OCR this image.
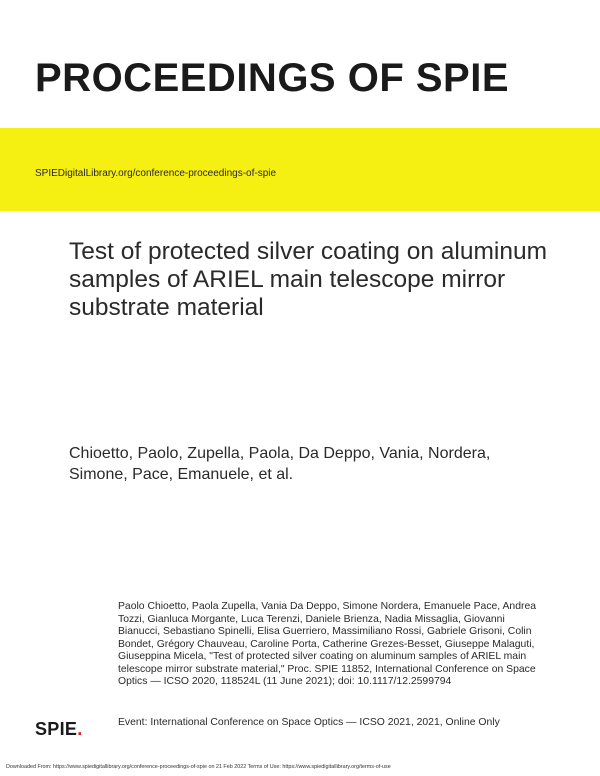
PROCEEDINGS OF SPIE
SPIEDigitalLibrary.org/conference-proceedings-of-spie
Test of protected silver coating on aluminum samples of ARIEL main telescope mirror substrate material
Chioetto, Paolo, Zupella, Paola, Da Deppo, Vania, Nordera, Simone, Pace, Emanuele, et al.
Paolo Chioetto, Paola Zupella, Vania Da Deppo, Simone Nordera, Emanuele Pace, Andrea Tozzi, Gianluca Morgante, Luca Terenzi, Daniele Brienza, Nadia Missaglia, Giovanni Bianucci, Sebastiano Spinelli, Elisa Guerriero, Massimiliano Rossi, Gabriele Grisoni, Colin Bondet, Grégory Chauveau, Caroline Porta, Catherine Grezes-Besset, Giuseppe Malaguti, Giuseppina Micela, "Test of protected silver coating on aluminum samples of ARIEL main telescope mirror substrate material," Proc. SPIE 11852, International Conference on Space Optics — ICSO 2020, 118524L (11 June 2021); doi: 10.1117/12.2599794
SPIE.	Event: International Conference on Space Optics — ICSO 2021, 2021, Online Only
Downloaded From: https://www.spiedigitallibrary.org/conference-proceedings-of-spie on 21 Feb 2022 Terms of Use: https://www.spiedigitallibrary.org/terms-of-use
